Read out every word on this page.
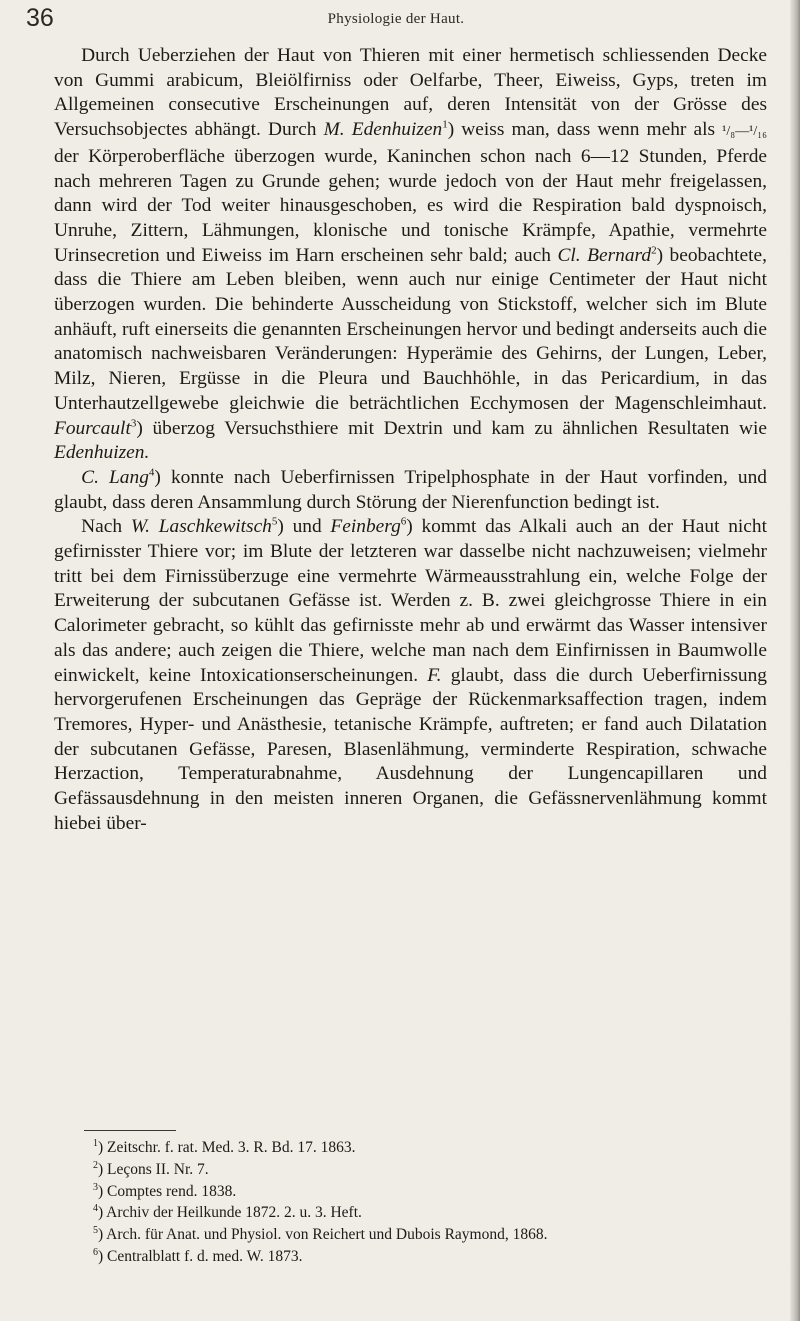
36	Physiologie der Haut.

Durch Ueberziehen der Haut von Thieren mit einer hermetisch schliessenden Decke von Gummi arabicum, Bleiölfirniss oder Oelfarbe, Theer, Eiweiss, Gyps, treten im Allgemeinen consecutive Erscheinungen auf, deren Intensität von der Grösse des Versuchsobjectes abhängt. Durch M. Edenhuizen$^1$) weiss man, dass wenn mehr als ¹/₈—¹/₁₆ der Körperoberfläche überzogen wurde, Kaninchen schon nach 6—12 Stunden, Pferde nach mehreren Tagen zu Grunde gehen; wurde jedoch von der Haut mehr freigelassen, dann wird der Tod weiter hinausgeschoben, es wird die Respiration bald dyspnoisch, Unruhe, Zittern, Lähmungen, klonische und tonische Krämpfe, Apathie, vermehrte Urinsecretion und Eiweiss im Harn erscheinen sehr bald; auch Cl. Bernard$^2$) beobachtete, dass die Thiere am Leben bleiben, wenn auch nur einige Centimeter der Haut nicht überzogen wurden. Die behinderte Ausscheidung von Stickstoff, welcher sich im Blute anhäuft, ruft einerseits die genannten Erscheinungen hervor und bedingt anderseits auch die anatomisch nachweisbaren Veränderungen: Hyperämie des Gehirns, der Lungen, Leber, Milz, Nieren, Ergüsse in die Pleura und Bauchhöhle, in das Pericardium, in das Unterhautzellgewebe gleichwie die beträchtlichen Ecchymosen der Magenschleimhaut. Fourcault$^3$) überzog Versuchsthiere mit Dextrin und kam zu ähnlichen Resultaten wie Edenhuizen.

C. Lang$^4$) konnte nach Ueberfirnissen Tripelphosphate in der Haut vorfinden, und glaubt, dass deren Ansammlung durch Störung der Nierenfunction bedingt ist.

Nach W. Laschkewitsch$^5$) und Feinberg$^6$) kommt das Alkali auch an der Haut nicht gefirnisster Thiere vor; im Blute der letzteren war dasselbe nicht nachzuweisen; vielmehr tritt bei dem Firnissüberzuge eine vermehrte Wärmeausstrahlung ein, welche Folge der Erweiterung der subcutanen Gefässe ist. Werden z. B. zwei gleichgrosse Thiere in ein Calorimeter gebracht, so kühlt das gefirnisste mehr ab und erwärmt das Wasser intensiver als das andere; auch zeigen die Thiere, welche man nach dem Einfirnissen in Baumwolle einwickelt, keine Intoxicationserscheinungen. F. glaubt, dass die durch Ueberfirnissung hervorgerufenen Erscheinungen das Gepräge der Rückenmarksaffection tragen, indem Tremores, Hyper- und Anästhesie, tetanische Krämpfe, auftreten; er fand auch Dilatation der subcutanen Gefässe, Paresen, Blasenlähmung, verminderte Respiration, schwache Herzaction, Temperaturabnahme, Ausdehnung der Lungencapillaren und Gefässausdehnung in den meisten inneren Organen, die Gefässnervenlähmung kommt hiebei über-

$^1$) Zeitschr. f. rat. Med. 3. R. Bd. 17. 1863.

$^2$) Leçons II. Nr. 7.

$^3$) Comptes rend. 1838.

$^4$) Archiv der Heilkunde 1872. 2. u. 3. Heft.

$^5$) Arch. für Anat. und Physiol. von Reichert und Dubois Raymond, 1868.

$^6$) Centralblatt f. d. med. W. 1873.
